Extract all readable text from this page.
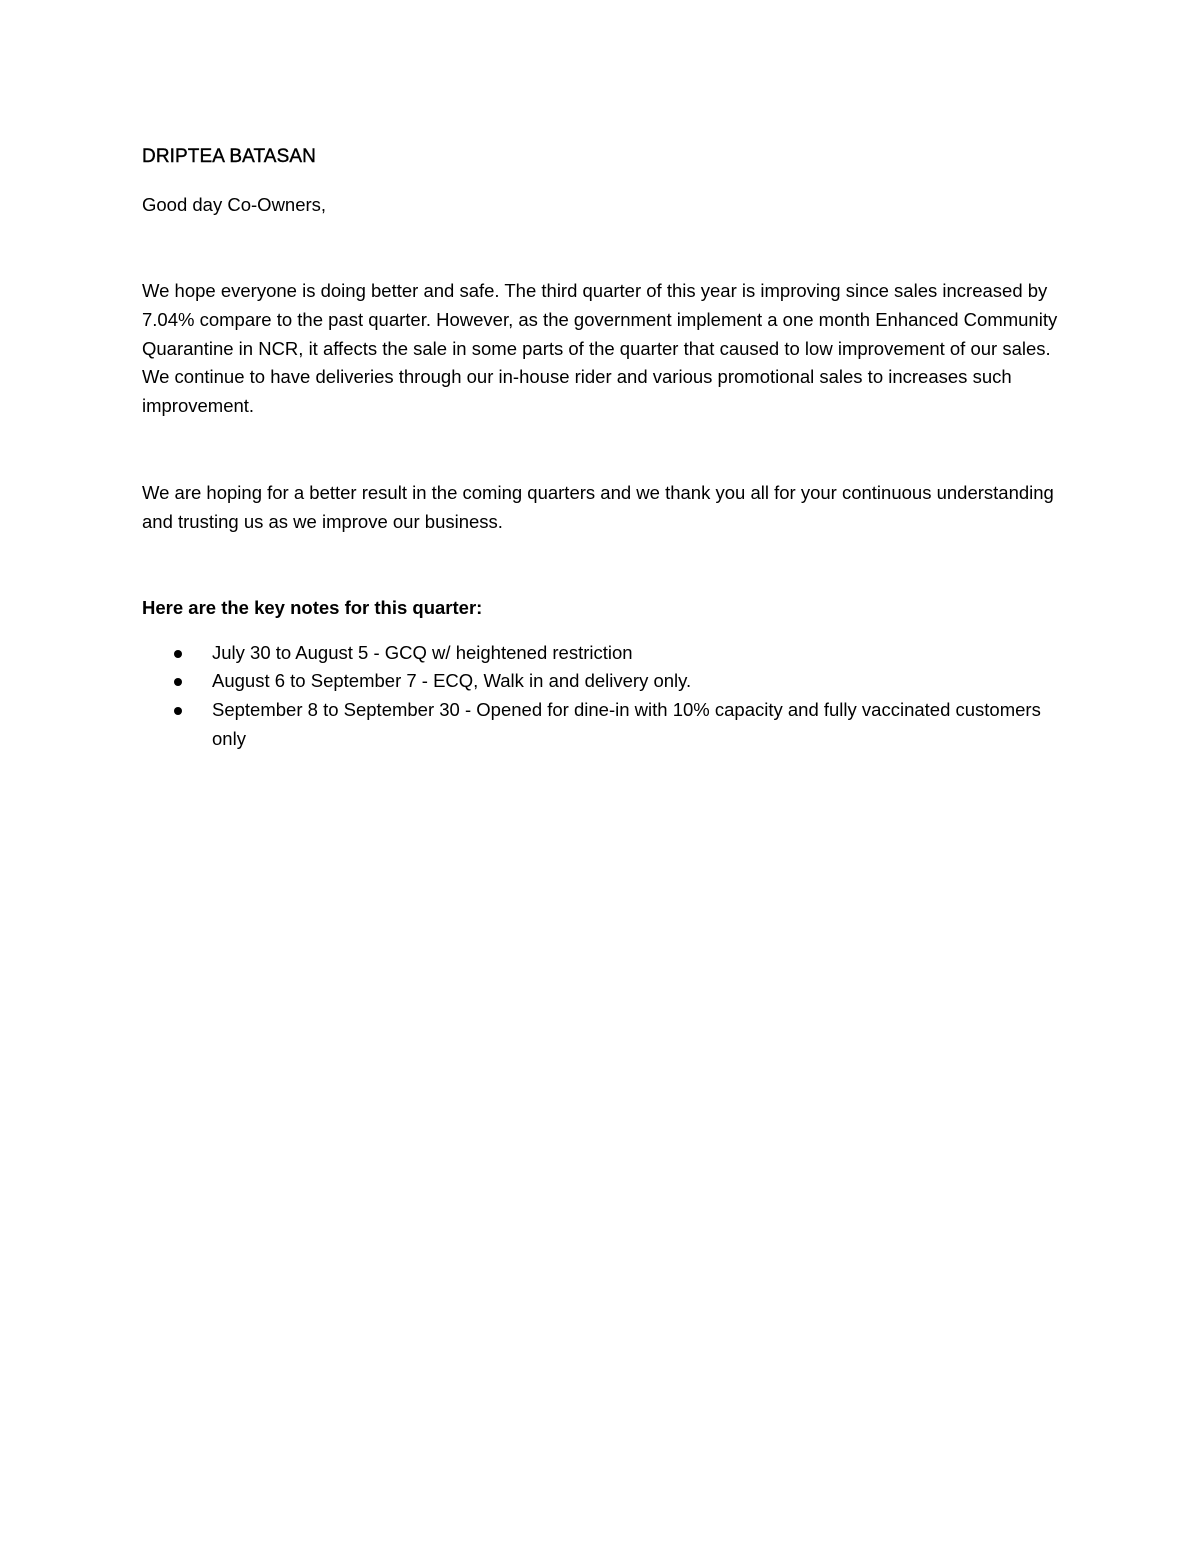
DRIPTEA BATASAN

Good day Co-Owners,

We hope everyone is doing better and safe. The third quarter of this year is improving since sales increased by 7.04% compare to the past quarter. However, as the government implement a one month Enhanced Community Quarantine in NCR, it affects the sale in some parts of the quarter that caused to low improvement of our sales. We continue to have deliveries through our in-house rider and various promotional sales to increases such improvement.

We are hoping for a better result in the coming quarters and we thank you all for your continuous understanding and trusting us as we improve our business.

Here are the key notes for this quarter:

July 30 to August 5 - GCQ w/ heightened restriction
August 6 to September 7 - ECQ, Walk in and delivery only.
September 8 to September 30 - Opened for dine-in with 10% capacity and fully vaccinated customers only
